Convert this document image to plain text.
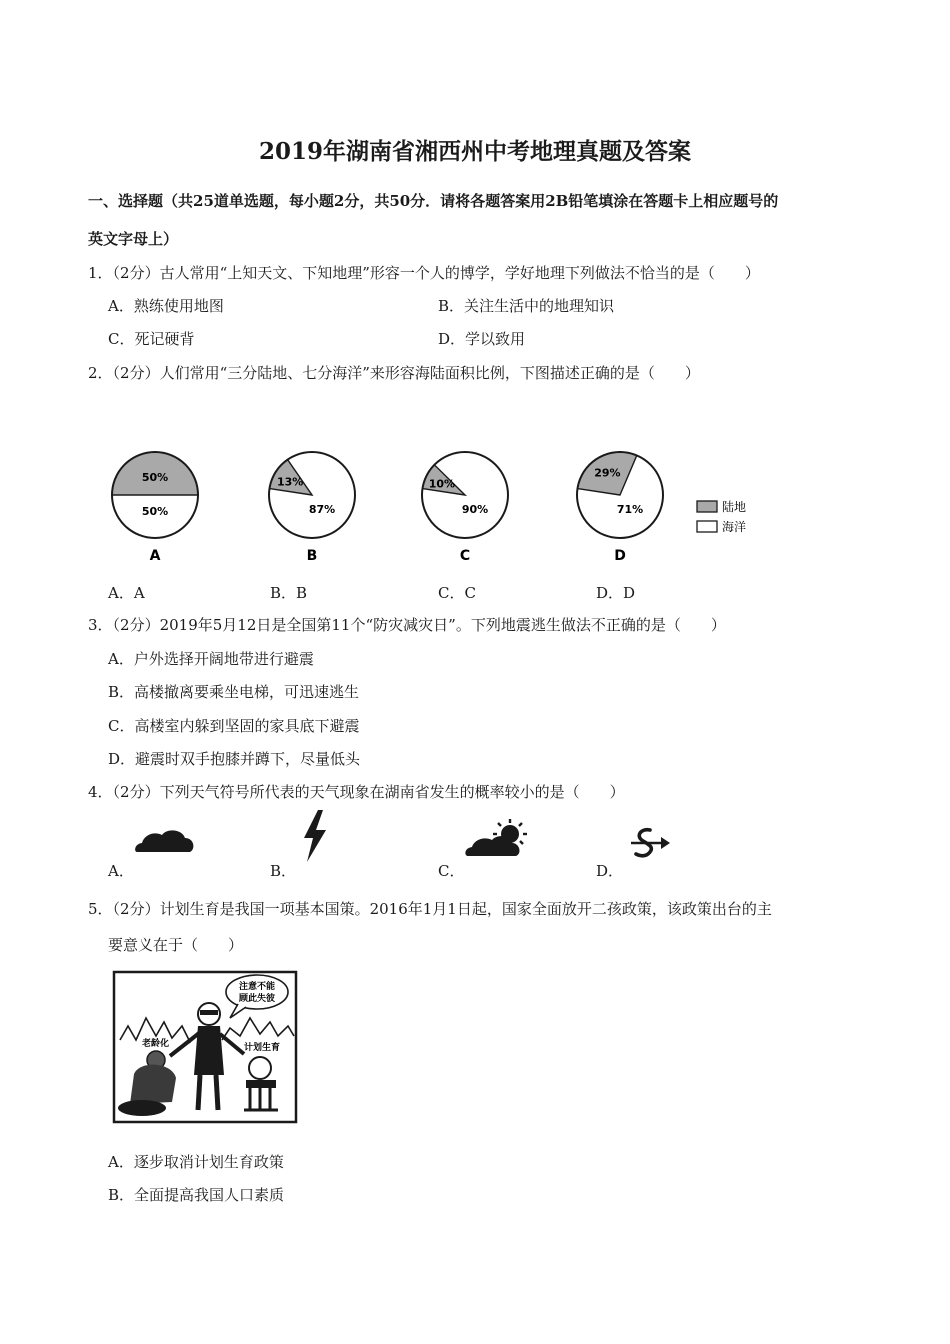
2019年湖南省湘西州中考地理真题及答案
一、选择题（共25道单选题，每小题2分，共50分．请将各题答案用2B铅笔填涂在答题卡上相应题号的
英文字母上）
1．（2分）古人常用“上知天文、下知地理”形容一个人的博学，学好地理下列做法不恰当的是（　　）
A．熟练使用地图	B．关注生活中的地理知识
C．死记硬背	D．学以致用
2．（2分）人们常用“三分陆地、七分海洋”来形容海陆面积比例，下图描述正确的是（　　）
50%
50%
A
13%
87%
B
10%
90%
C
29%
71%
D
陆地
海洋
A．A	B．B	C．C	D．D
3．（2分）2019年5月12日是全国第11个“防灾减灾日”。下列地震逃生做法不正确的是（　　）
A．户外选择开阔地带进行避震
B．高楼撤离要乘坐电梯，可迅速逃生
C．高楼室内躲到坚固的家具底下避震
D．避震时双手抱膝并蹲下，尽量低头
4．（2分）下列天气符号所代表的天气现象在湖南省发生的概率较小的是（　　）
A．	B．	C．	D．
5．（2分）计划生育是我国一项基本国策。2016年1月1日起，国家全面放开二孩政策，该政策出台的主
要意义在于（　　）
注意不能
顾此失彼
老龄化	计划生育
A．逐步取消计划生育政策
B．全面提高我国人口素质
